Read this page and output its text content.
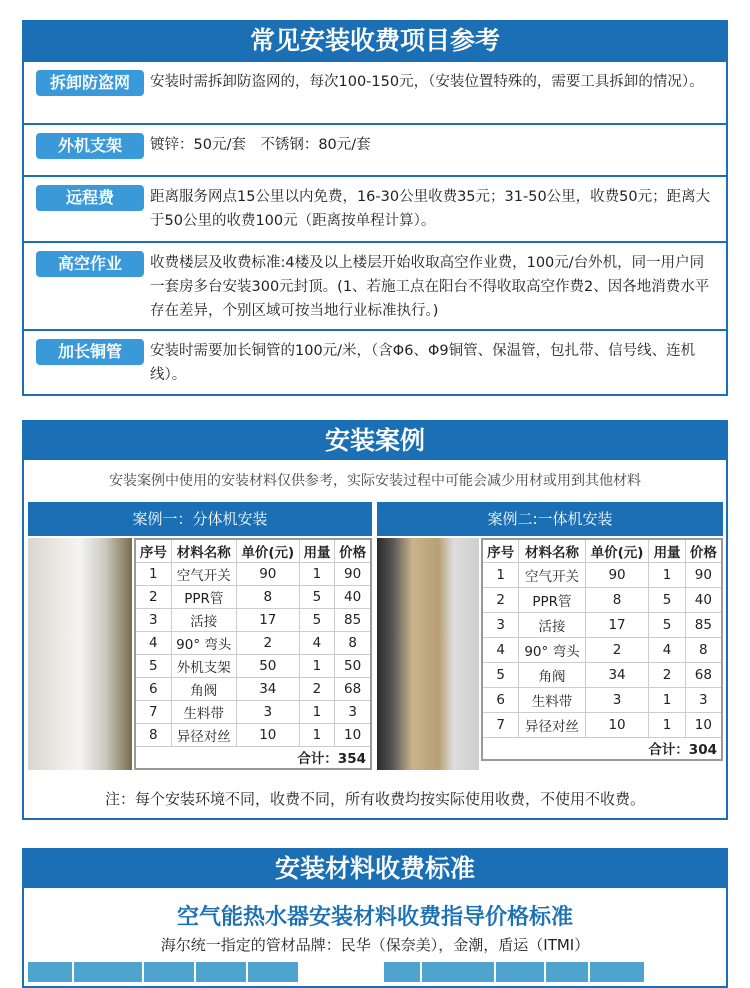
常见安装收费项目参考
拆卸防盗网	安装时需拆卸防盗网的，每次100-150元，（安装位置特殊的，需要工具拆卸的情况）。
外机支架	镀锌：50元/套　不锈钢：80元/套
远程费	距离服务网点15公里以内免费，16-30公里收费35元；31-50公里，收费50元；距离大于50公里的收费100元（距离按单程计算）。
高空作业	收费楼层及收费标准:4楼及以上楼层开始收取高空作业费，100元/台外机，同一用户同一套房多台安装300元封顶。(1、若施工点在阳台不得收取高空作费2、因各地消费水平存在差异，个别区域可按当地行业标准执行。)
加长铜管	安装时需要加长铜管的100元/米，（含Φ6、Φ9铜管、保温管，包扎带、信号线、连机线）。
安装案例
安装案例中使用的安装材料仅供参考，实际安装过程中可能会减少用材或用到其他材料
案例一：分体机安装
序号	材料名称	单价(元)	用量	价格
1	空气开关	90	1	90
2	PPR管	8	5	40
3	活接	17	5	85
4	90° 弯头	2	4	8
5	外机支架	50	1	50
6	角阀	34	2	68
7	生料带	3	1	3
8	异径对丝	10	1	10
合计：354				
案例二:一体机安装
序号	材料名称	单价(元)	用量	价格
1	空气开关	90	1	90
2	PPR管	8	5	40
3	活接	17	5	85
4	90° 弯头	2	4	8
5	角阀	34	2	68
6	生料带	3	1	3
7	异径对丝	10	1	10
合计：304				
注：每个安装环境不同，收费不同，所有收费均按实际使用收费，不使用不收费。
安装材料收费标准
空气能热水器安装材料收费指导价格标准
海尔统一指定的管材品牌：民华（保奈美），金潮，盾运（ITMI）
